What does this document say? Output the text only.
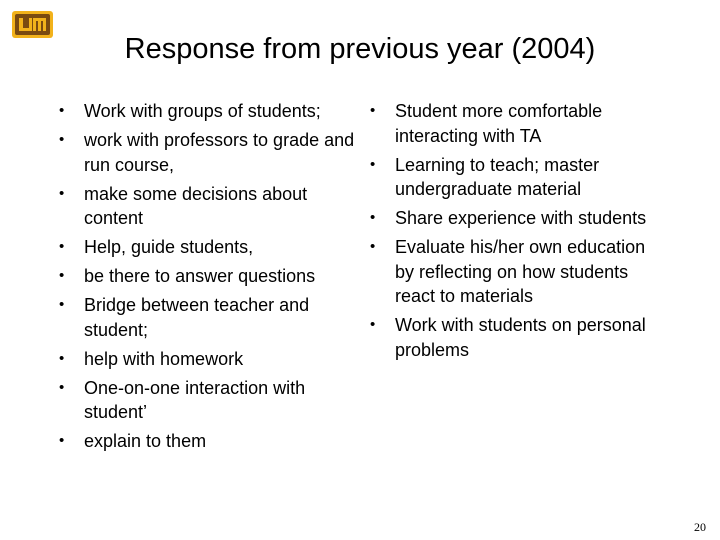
Response from previous year (2004)
• Work with groups of students;
• work with professors to grade and run course,
• make some decisions about content
• Help, guide students,
• be there to answer questions
• Bridge between teacher and student;
• help with homework
• One-on-one interaction with student’
• explain to them
• Student more comfortable interacting with TA
• Learning to teach; master undergraduate material
• Share experience with students
• Evaluate his/her own education by reflecting on how students react to materials
• Work with students on personal problems
20
